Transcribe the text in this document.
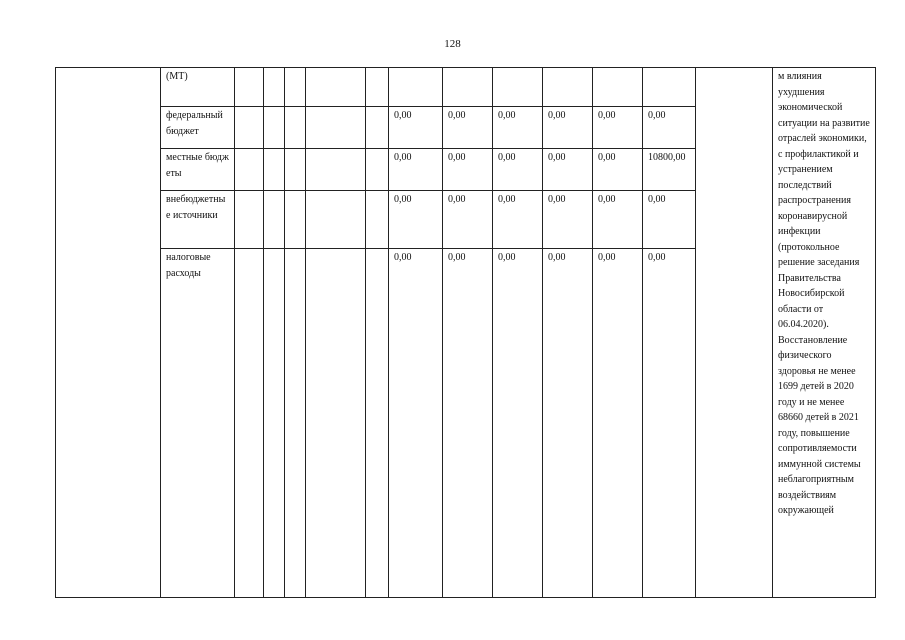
128
	(МТ)													м влияния ухудшения экономической ситуации на развитие отраслей экономики, с профилактикой и устранением последствий распространения коронавирусной инфекции (протокольное решение заседания Правительства Новосибирской области от 06.04.2020). Восстановление физического здоровья не менее 1699 детей в 2020 году и не менее 68660 детей в 2021 году, повышение сопротивляемости иммунной системы неблагоприятным воздействиям окружающей
	федеральный бюджет						0,00	0,00	0,00	0,00	0,00	0,00		
	местные бюджеты						0,00	0,00	0,00	0,00	0,00	10800,00		
	внебюджетные источники						0,00	0,00	0,00	0,00	0,00	0,00		
	налоговые расходы						0,00	0,00	0,00	0,00	0,00	0,00		
